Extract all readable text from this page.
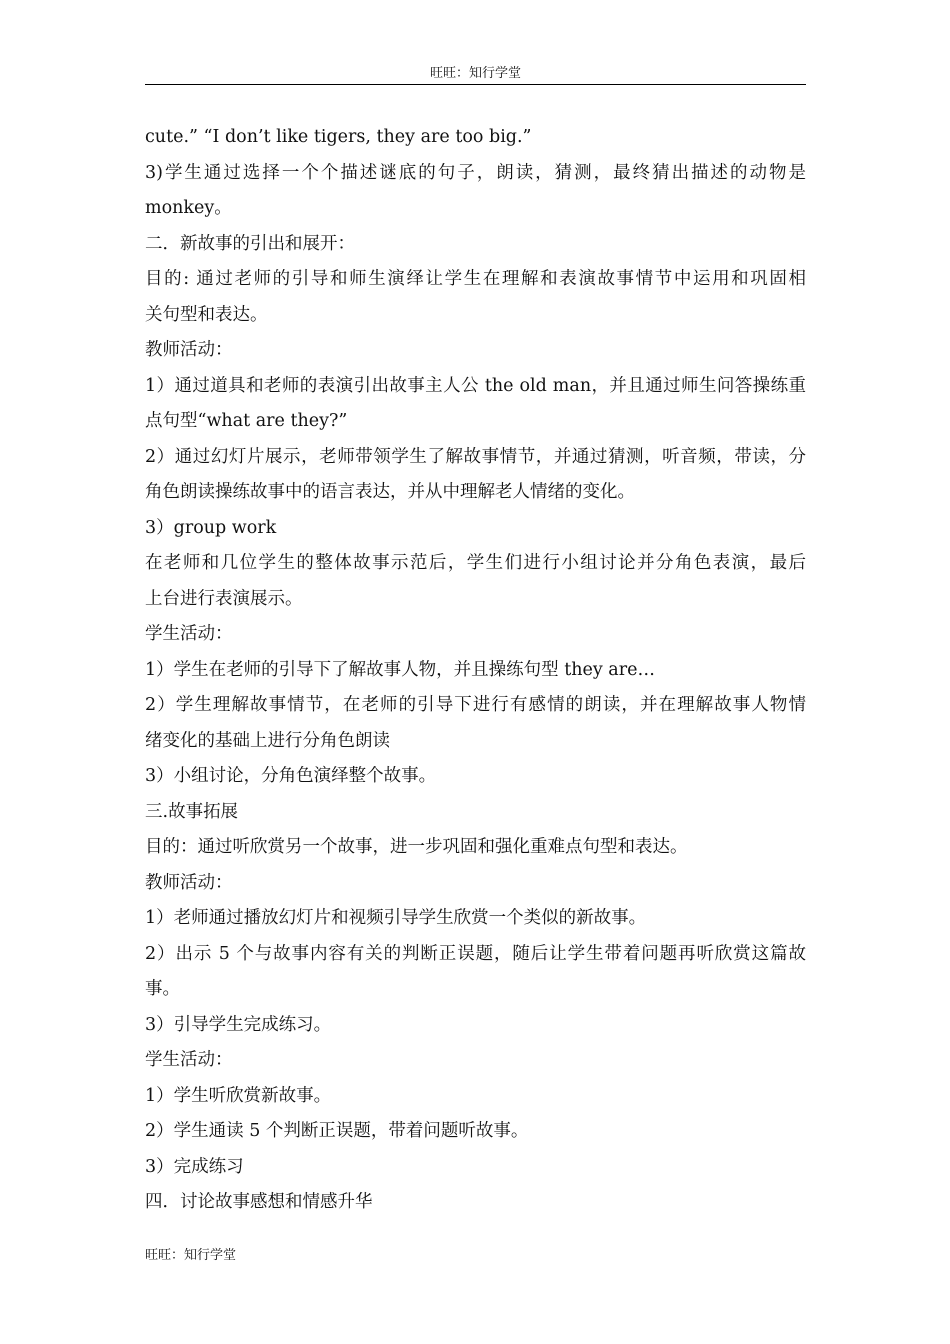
旺旺：知行学堂
cute.” “I don’t like tigers, they are too big.”
3)学生通过选择一个个描述谜底的句子，朗读，猜测，最终猜出描述的动物是
monkey。
二．新故事的引出和展开：
目的: 通过老师的引导和师生演绎让学生在理解和表演故事情节中运用和巩固相
关句型和表达。
教师活动：
1）通过道具和老师的表演引出故事主人公 the old man，并且通过师生问答操练重
点句型“what are they?”
2）通过幻灯片展示，老师带领学生了解故事情节，并通过猜测，听音频，带读，分
角色朗读操练故事中的语言表达，并从中理解老人情绪的变化。
3）group work
在老师和几位学生的整体故事示范后，学生们进行小组讨论并分角色表演，最后
上台进行表演展示。
学生活动：
1）学生在老师的引导下了解故事人物，并且操练句型 they are…
2）学生理解故事情节，在老师的引导下进行有感情的朗读，并在理解故事人物情
绪变化的基础上进行分角色朗读
3）小组讨论，分角色演绎整个故事。
三.故事拓展
目的：通过听欣赏另一个故事，进一步巩固和强化重难点句型和表达。
教师活动：
1）老师通过播放幻灯片和视频引导学生欣赏一个类似的新故事。
2）出示 5 个与故事内容有关的判断正误题，随后让学生带着问题再听欣赏这篇故
事。
3）引导学生完成练习。
学生活动：
1）学生听欣赏新故事。
2）学生通读 5 个判断正误题，带着问题听故事。
3）完成练习
四．讨论故事感想和情感升华
旺旺：知行学堂
